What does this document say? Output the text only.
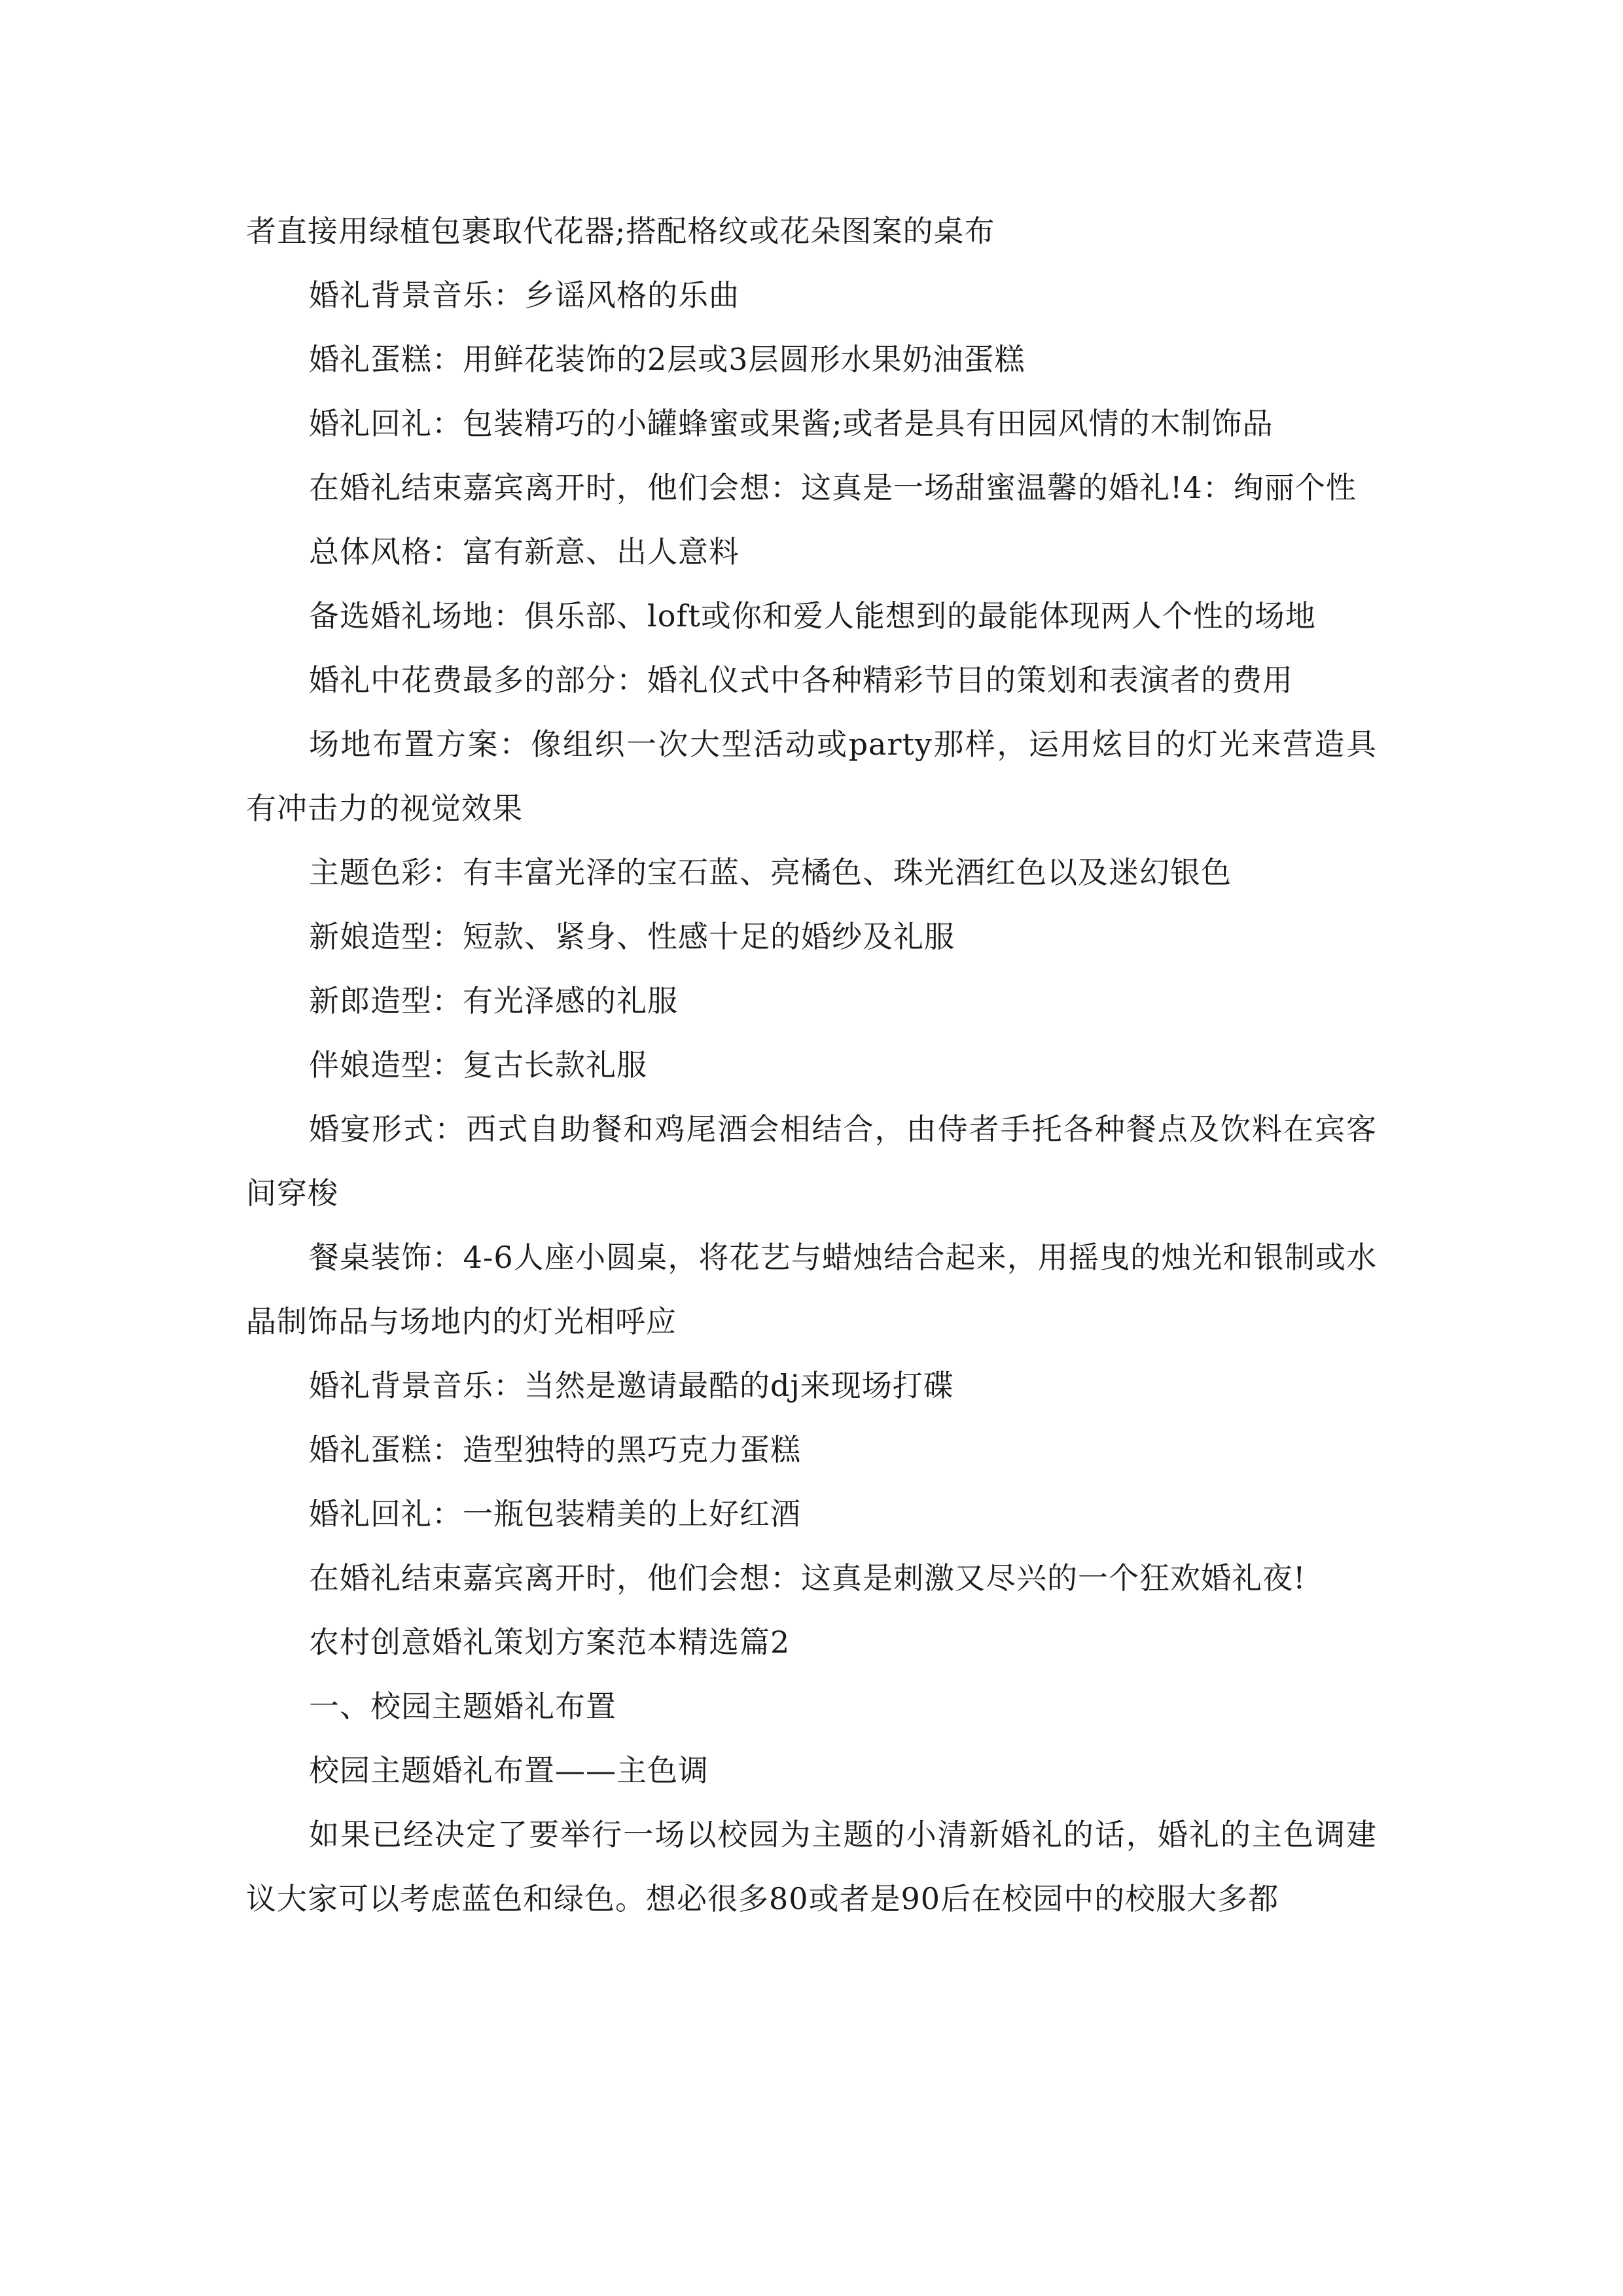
者直接用绿植包裹取代花器;搭配格纹或花朵图案的桌布

婚礼背景音乐：乡谣风格的乐曲

婚礼蛋糕：用鲜花装饰的2层或3层圆形水果奶油蛋糕

婚礼回礼：包装精巧的小罐蜂蜜或果酱;或者是具有田园风情的木制饰品

在婚礼结束嘉宾离开时，他们会想：这真是一场甜蜜温馨的婚礼!4：绚丽个性

总体风格：富有新意、出人意料

备选婚礼场地：俱乐部、loft或你和爱人能想到的最能体现两人个性的场地

婚礼中花费最多的部分：婚礼仪式中各种精彩节目的策划和表演者的费用

场地布置方案：像组织一次大型活动或party那样，运用炫目的灯光来营造具有冲击力的视觉效果

主题色彩：有丰富光泽的宝石蓝、亮橘色、珠光酒红色以及迷幻银色

新娘造型：短款、紧身、性感十足的婚纱及礼服

新郎造型：有光泽感的礼服

伴娘造型：复古长款礼服

婚宴形式：西式自助餐和鸡尾酒会相结合，由侍者手托各种餐点及饮料在宾客间穿梭

餐桌装饰：4-6人座小圆桌，将花艺与蜡烛结合起来，用摇曳的烛光和银制或水晶制饰品与场地内的灯光相呼应

婚礼背景音乐：当然是邀请最酷的dj来现场打碟

婚礼蛋糕：造型独特的黑巧克力蛋糕

婚礼回礼：一瓶包装精美的上好红酒

在婚礼结束嘉宾离开时，他们会想：这真是刺激又尽兴的一个狂欢婚礼夜!

农村创意婚礼策划方案范本精选篇2

一、校园主题婚礼布置

校园主题婚礼布置——主色调

如果已经决定了要举行一场以校园为主题的小清新婚礼的话，婚礼的主色调建议大家可以考虑蓝色和绿色。想必很多80或者是90后在校园中的校服大多都
